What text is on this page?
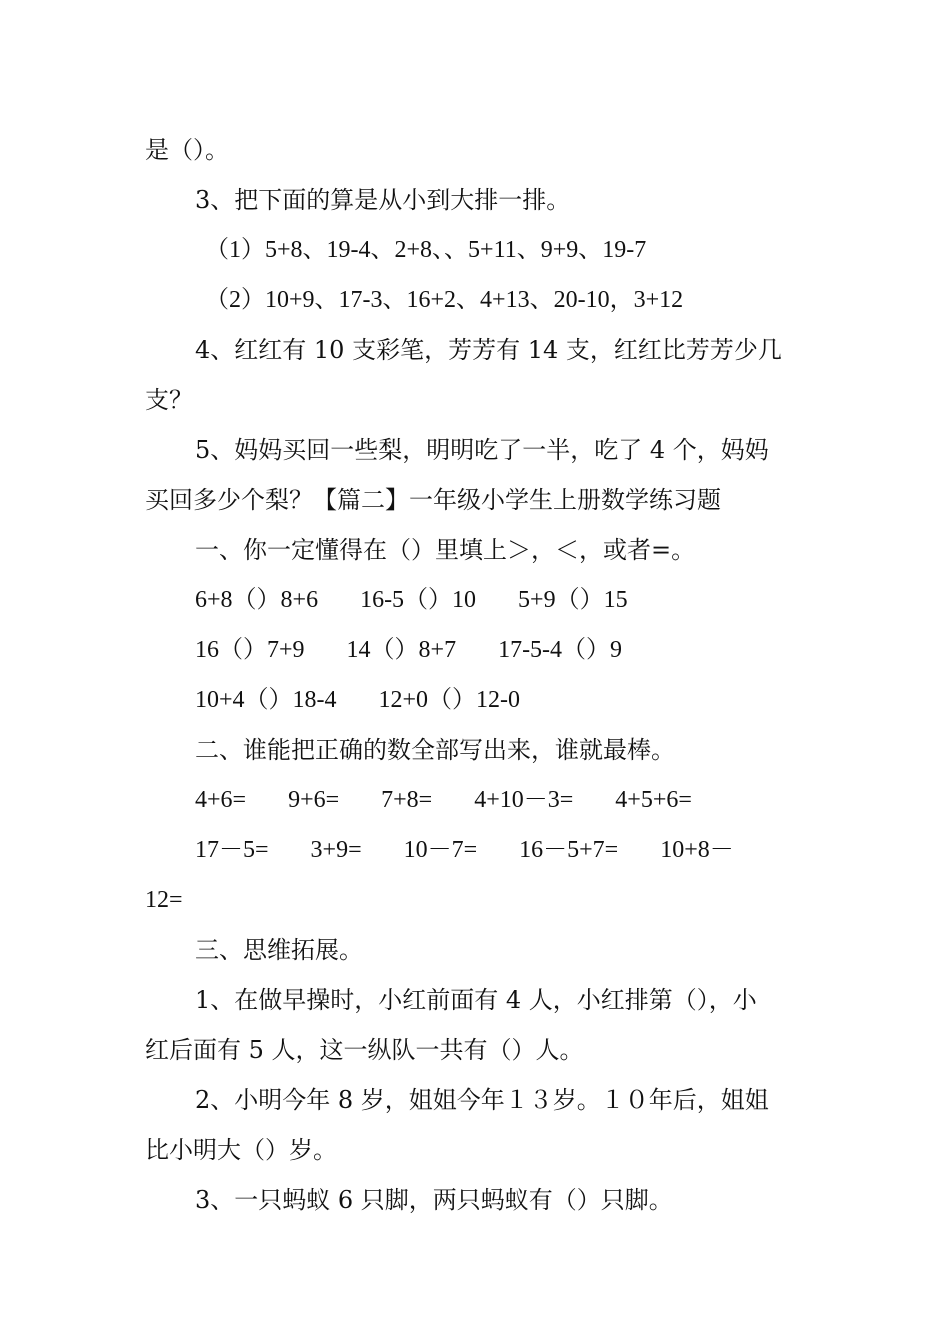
是（）。
3、把下面的算是从小到大排一排。
（1）5+8、19-4、2+8、、5+11、9+9、19-7
（2）10+9、17-3、16+2、4+13、20-10，3+12
4、红红有 10 支彩笔，芳芳有 14 支，红红比芳芳少几
支？
5、妈妈买回一些梨，明明吃了一半，吃了 4 个，妈妈
买回多少个梨？【篇二】一年级小学生上册数学练习题
一、你一定懂得在（）里填上＞，＜，或者=。
6+8（）8+6       16-5（）10       5+9（）15
16（）7+9       14（）8+7       17-5-4（）9
10+4（）18-4       12+0（）12-0
二、谁能把正确的数全部写出来，谁就最棒。
4+6=       9+6=       7+8=       4+10－3=       4+5+6=
17－5=       3+9=       10－7=       16－5+7=       10+8－
12=
三、思维拓展。
1、在做早操时，小红前面有 4 人，小红排第（），小
红后面有 5 人，这一纵队一共有（）人。
2、小明今年 8 岁，姐姐今年１３岁。１０年后，姐姐
比小明大（）岁。
3、一只蚂蚁 6 只脚，两只蚂蚁有（）只脚。
